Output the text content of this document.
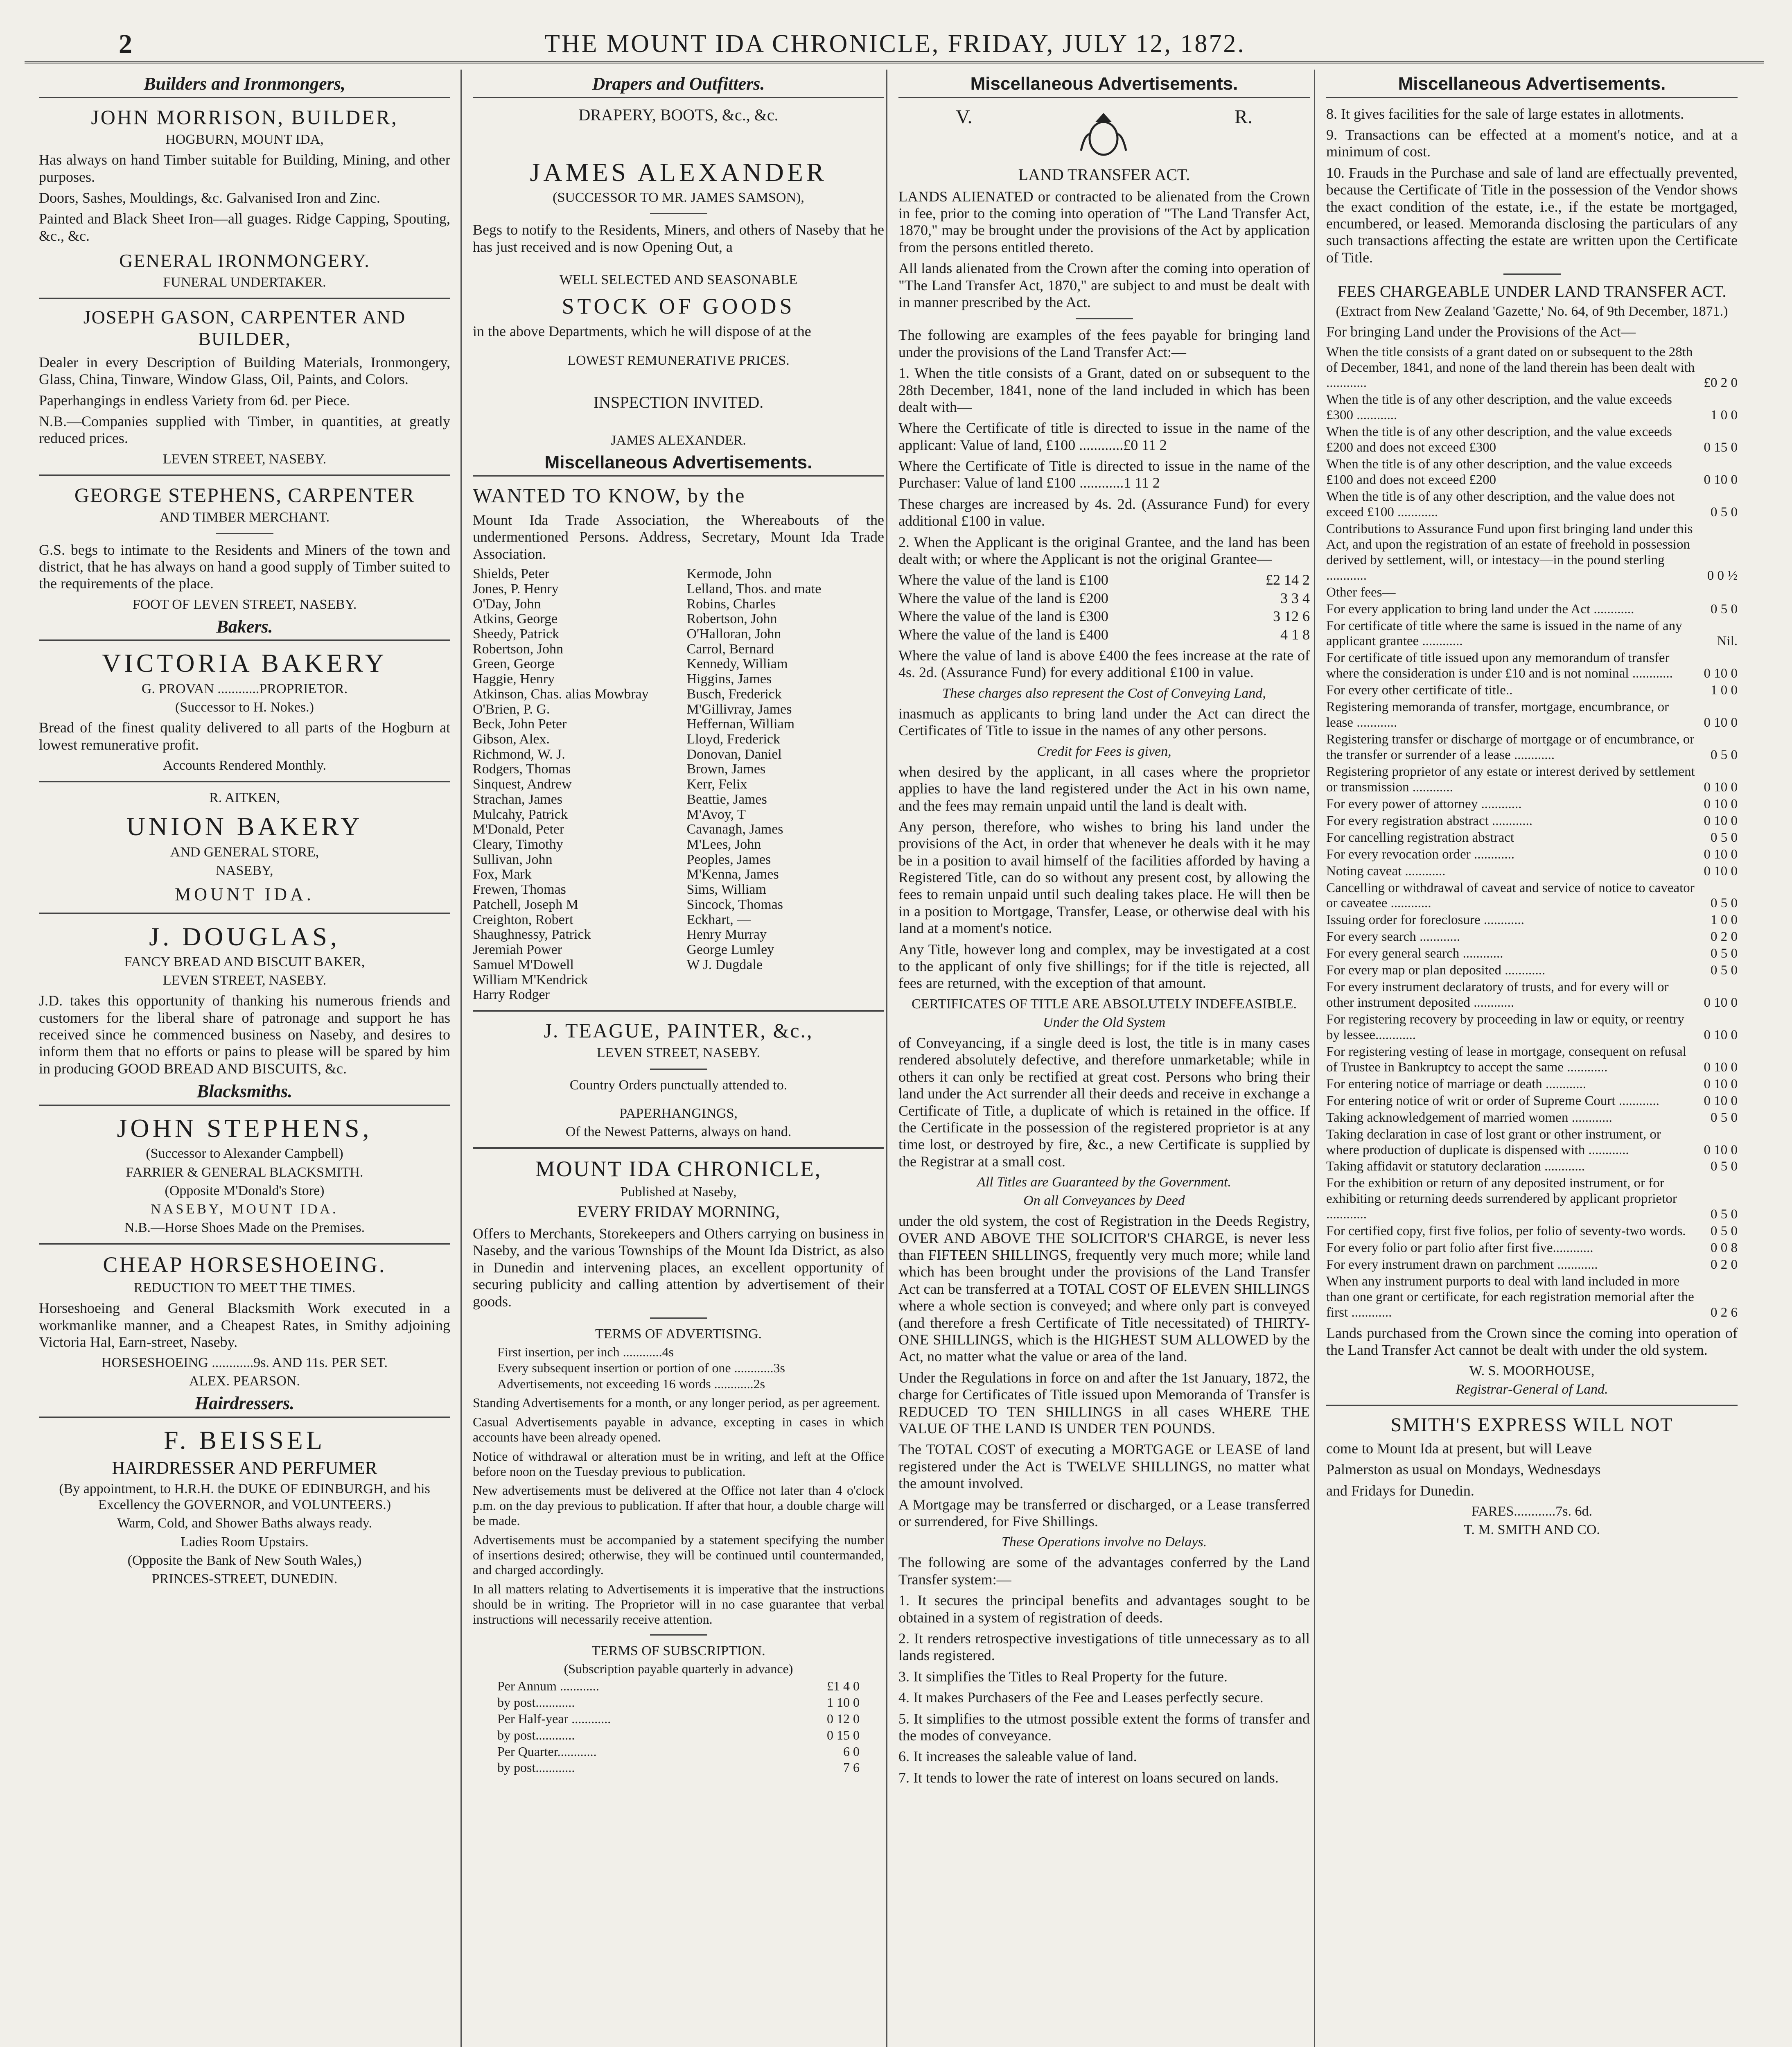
2	THE MOUNT IDA CHRONICLE, FRIDAY, JULY 12, 1872.
Builders and Ironmongers,
JOHN MORRISON, BUILDER,
HOGBURN, MOUNT IDA,
Has always on hand Timber suitable for Building, Mining, and other purposes.
Doors, Sashes, Mouldings, &c. Galvanised Iron and Zinc.
Painted and Black Sheet Iron—all guages. Ridge Capping, Spouting, &c., &c.
GENERAL IRONMONGERY.
FUNERAL UNDERTAKER.
JOSEPH GASON, CARPENTER AND BUILDER,
Dealer in every Description of Building Materials, Ironmongery, Glass, China, Tinware, Window Glass, Oil, Paints, and Colors.
Paperhangings in endless Variety from 6d. per Piece.
N.B.—Companies supplied with Timber, in quantities, at greatly reduced prices.
LEVEN STREET, NASEBY.
GEORGE STEPHENS, CARPENTER
AND TIMBER MERCHANT.
G.S. begs to intimate to the Residents and Miners of the town and district, that he has always on hand a good supply of Timber suited to the requirements of the place.
FOOT OF LEVEN STREET, NASEBY.
Bakers.
VICTORIA BAKERY
G. PROVAN ............PROPRIETOR.
(Successor to H. Nokes.)
Bread of the finest quality delivered to all parts of the Hogburn at lowest remunerative profit.
Accounts Rendered Monthly.
R. AITKEN,
UNION BAKERY
AND GENERAL STORE,
NASEBY,
MOUNT IDA.
J. DOUGLAS,
FANCY BREAD AND BISCUIT BAKER,
LEVEN STREET, NASEBY.
J.D. takes this opportunity of thanking his numerous friends and customers for the liberal share of patronage and support he has received since he commenced business on Naseby, and desires to inform them that no efforts or pains to please will be spared by him in producing GOOD BREAD AND BISCUITS, &c.
Blacksmiths.
JOHN STEPHENS,
(Successor to Alexander Campbell)
FARRIER & GENERAL BLACKSMITH.
(Opposite M'Donald's Store)
NASEBY, MOUNT IDA.
N.B.—Horse Shoes Made on the Premises.
CHEAP HORSESHOEING.
REDUCTION TO MEET THE TIMES.
Horseshoeing and General Blacksmith Work executed in a workmanlike manner, and a Cheapest Rates, in Smithy adjoining Victoria Hal, Earn-street, Naseby.
HORSESHOEING ............9s. AND 11s. PER SET.
ALEX. PEARSON.
Hairdressers.
F. BEISSEL
HAIRDRESSER AND PERFUMER
(By appointment, to H.R.H. the DUKE OF EDINBURGH, and his Excellency the GOVERNOR, and VOLUNTEERS.)
Warm, Cold, and Shower Baths always ready.
Ladies Room Upstairs.
(Opposite the Bank of New South Wales,)
PRINCES-STREET, DUNEDIN.
Drapers and Outfitters.
DRAPERY, BOOTS, &c., &c.
JAMES ALEXANDER
(SUCCESSOR TO MR. JAMES SAMSON),
Begs to notify to the Residents, Miners, and others of Naseby that he has just received and is now Opening Out, a
WELL SELECTED AND SEASONABLE
STOCK OF GOODS
in the above Departments, which he will dispose of at the
LOWEST REMUNERATIVE PRICES.
INSPECTION INVITED.
JAMES ALEXANDER.
Miscellaneous Advertisements.
WANTED TO KNOW, by the
Mount Ida Trade Association, the Whereabouts of the undermentioned Persons. Address, Secretary, Mount Ida Trade Association.
Shields, Peter
Jones, P. Henry
O'Day, John
Atkins, George
Sheedy, Patrick
Robertson, John
Green, George
Haggie, Henry
Atkinson, Chas. alias Mowbray
O'Brien, P. G.
Beck, John Peter
Gibson, Alex.
Richmond, W. J.
Rodgers, Thomas
Sinquest, Andrew
Strachan, James
Mulcahy, Patrick
M'Donald, Peter
Cleary, Timothy
Sullivan, John
Fox, Mark
Frewen, Thomas
Patchell, Joseph M
Creighton, Robert
Shaughnessy, Patrick
Jeremiah Power
Samuel M'Dowell
William M'Kendrick
Harry Rodger
Kermode, John
Lelland, Thos. and mate
Robins, Charles
Robertson, John
O'Halloran, John
Carrol, Bernard
Kennedy, William
Higgins, James
Busch, Frederick
M'Gillivray, James
Heffernan, William
Lloyd, Frederick
Donovan, Daniel
Brown, James
Kerr, Felix
Beattie, James
M'Avoy, T
Cavanagh, James
M'Lees, John
Peoples, James
M'Kenna, James
Sims, William
Sincock, Thomas
Eckhart, —
Henry Murray
George Lumley
W J. Dugdale
J. TEAGUE, PAINTER, &c.,
LEVEN STREET, NASEBY.
Country Orders punctually attended to.
PAPERHANGINGS,
Of the Newest Patterns, always on hand.
MOUNT IDA CHRONICLE,
Published at Naseby,
EVERY FRIDAY MORNING,
Offers to Merchants, Storekeepers and Others carrying on business in Naseby, and the various Townships of the Mount Ida District, as also in Dunedin and intervening places, an excellent opportunity of securing publicity and calling attention by advertisement of their goods.
TERMS OF ADVERTISING.
First insertion, per inch ............4s
Every subsequent insertion or portion of one ............3s
Advertisements, not exceeding 16 words ............2s
Standing Advertisements for a month, or any longer period, as per agreement.
Casual Advertisements payable in advance, excepting in cases in which accounts have been already opened.
Notice of withdrawal or alteration must be in writing, and left at the Office before noon on the Tuesday previous to publication.
New advertisements must be delivered at the Office not later than 4 o'clock p.m. on the day previous to publication. If after that hour, a double charge will be made.
Advertisements must be accompanied by a statement specifying the number of insertions desired; otherwise, they will be continued until countermanded, and charged accordingly.
In all matters relating to Advertisements it is imperative that the instructions should be in writing. The Proprietor will in no case guarantee that verbal instructions will necessarily receive attention.
TERMS OF SUBSCRIPTION.
(Subscription payable quarterly in advance)
Per Annum ............	£1 4 0
by post............	1 10 0
Per Half-year ............	0 12 0
by post............	0 15 0
Per Quarter............	6 0
by post............	7 6
Miscellaneous Advertisements.
V.	R.
LAND TRANSFER ACT.
LANDS ALIENATED or contracted to be alienated from the Crown in fee, prior to the coming into operation of "The Land Transfer Act, 1870," may be brought under the provisions of the Act by application from the persons entitled thereto.
All lands alienated from the Crown after the coming into operation of "The Land Transfer Act, 1870," are subject to and must be dealt with in manner prescribed by the Act.
The following are examples of the fees payable for bringing land under the provisions of the Land Transfer Act:—
1. When the title consists of a Grant, dated on or subsequent to the 28th December, 1841, none of the land included in which has been dealt with—
Where the Certificate of title is directed to issue in the name of the applicant: Value of land, £100 ............£0 11 2
Where the Certificate of Title is directed to issue in the name of the Purchaser: Value of land £100 ............1 11 2
These charges are increased by 4s. 2d. (Assurance Fund) for every additional £100 in value.
2. When the Applicant is the original Grantee, and the land has been dealt with; or where the Applicant is not the original Grantee—
Where the value of the land is £100	£2 14 2
Where the value of the land is £200	3 3 4
Where the value of the land is £300	3 12 6
Where the value of the land is £400	4 1 8
Where the value of land is above £400 the fees increase at the rate of 4s. 2d. (Assurance Fund) for every additional £100 in value.
These charges also represent the Cost of Conveying Land,
inasmuch as applicants to bring land under the Act can direct the Certificates of Title to issue in the names of any other persons.
Credit for Fees is given,
when desired by the applicant, in all cases where the proprietor applies to have the land registered under the Act in his own name, and the fees may remain unpaid until the land is dealt with.
Any person, therefore, who wishes to bring his land under the provisions of the Act, in order that whenever he deals with it he may be in a position to avail himself of the facilities afforded by having a Registered Title, can do so without any present cost, by allowing the fees to remain unpaid until such dealing takes place. He will then be in a position to Mortgage, Transfer, Lease, or otherwise deal with his land at a moment's notice.
Any Title, however long and complex, may be investigated at a cost to the applicant of only five shillings; for if the title is rejected, all fees are returned, with the exception of that amount.
CERTIFICATES OF TITLE ARE ABSOLUTELY INDEFEASIBLE.
Under the Old System
of Conveyancing, if a single deed is lost, the title is in many cases rendered absolutely defective, and therefore unmarketable; while in others it can only be rectified at great cost. Persons who bring their land under the Act surrender all their deeds and receive in exchange a Certificate of Title, a duplicate of which is retained in the office. If the Certificate in the possession of the registered proprietor is at any time lost, or destroyed by fire, &c., a new Certificate is supplied by the Registrar at a small cost.
All Titles are Guaranteed by the Government.
On all Conveyances by Deed
under the old system, the cost of Registration in the Deeds Registry, OVER AND ABOVE THE SOLICITOR'S CHARGE, is never less than FIFTEEN SHILLINGS, frequently very much more; while land which has been brought under the provisions of the Land Transfer Act can be transferred at a TOTAL COST OF ELEVEN SHILLINGS where a whole section is conveyed; and where only part is conveyed (and therefore a fresh Certificate of Title necessitated) of THIRTY-ONE SHILLINGS, which is the HIGHEST SUM ALLOWED by the Act, no matter what the value or area of the land.
Under the Regulations in force on and after the 1st January, 1872, the charge for Certificates of Title issued upon Memoranda of Transfer is REDUCED TO TEN SHILLINGS in all cases WHERE THE VALUE OF THE LAND IS UNDER TEN POUNDS.
The TOTAL COST of executing a MORTGAGE or LEASE of land registered under the Act is TWELVE SHILLINGS, no matter what the amount involved.
A Mortgage may be transferred or discharged, or a Lease transferred or surrendered, for Five Shillings.
These Operations involve no Delays.
The following are some of the advantages conferred by the Land Transfer system:—
1. It secures the principal benefits and advantages sought to be obtained in a system of registration of deeds.
2. It renders retrospective investigations of title unnecessary as to all lands registered.
3. It simplifies the Titles to Real Property for the future.
4. It makes Purchasers of the Fee and Leases perfectly secure.
5. It simplifies to the utmost possible extent the forms of transfer and the modes of conveyance.
6. It increases the saleable value of land.
7. It tends to lower the rate of interest on loans secured on lands.
Miscellaneous Advertisements.
8. It gives facilities for the sale of large estates in allotments.
9. Transactions can be effected at a moment's notice, and at a minimum of cost.
10. Frauds in the Purchase and sale of land are effectually prevented, because the Certificate of Title in the possession of the Vendor shows the exact condition of the estate, i.e., if the estate be mortgaged, encumbered, or leased. Memoranda disclosing the particulars of any such transactions affecting the estate are written upon the Certificate of Title.
FEES CHARGEABLE UNDER LAND TRANSFER ACT.
(Extract from New Zealand 'Gazette,' No. 64, of 9th December, 1871.)
For bringing Land under the Provisions of the Act—
When the title consists of a grant dated on or subsequent to the 28th of December, 1841, and none of the land therein has been dealt with ............	£0 2 0
When the title is of any other description, and the value exceeds £300 ............	1 0 0
When the title is of any other description, and the value exceeds £200 and does not exceed £300	0 15 0
When the title is of any other description, and the value exceeds £100 and does not exceed £200	0 10 0
When the title is of any other description, and the value does not exceed £100 ............	0 5 0
Contributions to Assurance Fund upon first bringing land under this Act, and upon the registration of an estate of freehold in possession derived by settlement, will, or intestacy—in the pound sterling ............	0 0 ½
Other fees—
For every application to bring land under the Act ............	0 5 0
For certificate of title where the same is issued in the name of any applicant grantee ............	Nil.
For certificate of title issued upon any memorandum of transfer where the consideration is under £10 and is not nominal ............	0 10 0
For every other certificate of title..	1 0 0
Registering memoranda of transfer, mortgage, encumbrance, or lease ............	0 10 0
Registering transfer or discharge of mortgage or of encumbrance, or the transfer or surrender of a lease ............	0 5 0
Registering proprietor of any estate or interest derived by settlement or transmission ............	0 10 0
For every power of attorney ............	0 10 0
For every registration abstract ............	0 10 0
For cancelling registration abstract	0 5 0
For every revocation order ............	0 10 0
Noting caveat ............	0 10 0
Cancelling or withdrawal of caveat and service of notice to caveator or caveatee ............	0 5 0
Issuing order for foreclosure ............	1 0 0
For every search ............	0 2 0
For every general search ............	0 5 0
For every map or plan deposited ............	0 5 0
For every instrument declaratory of trusts, and for every will or other instrument deposited ............	0 10 0
For registering recovery by proceeding in law or equity, or reentry by lessee............	0 10 0
For registering vesting of lease in mortgage, consequent on refusal of Trustee in Bankruptcy to accept the same ............	0 10 0
For entering notice of marriage or death ............	0 10 0
For entering notice of writ or order of Supreme Court ............	0 10 0
Taking acknowledgement of married women ............	0 5 0
Taking declaration in case of lost grant or other instrument, or where production of duplicate is dispensed with ............	0 10 0
Taking affidavit or statutory declaration ............	0 5 0
For the exhibition or return of any deposited instrument, or for exhibiting or returning deeds surrendered by applicant proprietor ............	0 5 0
For certified copy, first five folios, per folio of seventy-two words.	0 5 0
For every folio or part folio after first five............	0 0 8
For every instrument drawn on parchment ............	0 2 0
When any instrument purports to deal with land included in more than one grant or certificate, for each registration memorial after the first ............	0 2 6
Lands purchased from the Crown since the coming into operation of the Land Transfer Act cannot be dealt with under the old system.
W. S. MOORHOUSE,
Registrar-General of Land.
SMITH'S EXPRESS WILL NOT
come to Mount Ida at present, but will Leave
Palmerston as usual on Mondays, Wednesdays
and Fridays for Dunedin.
FARES............7s. 6d.
T. M. SMITH AND CO.
